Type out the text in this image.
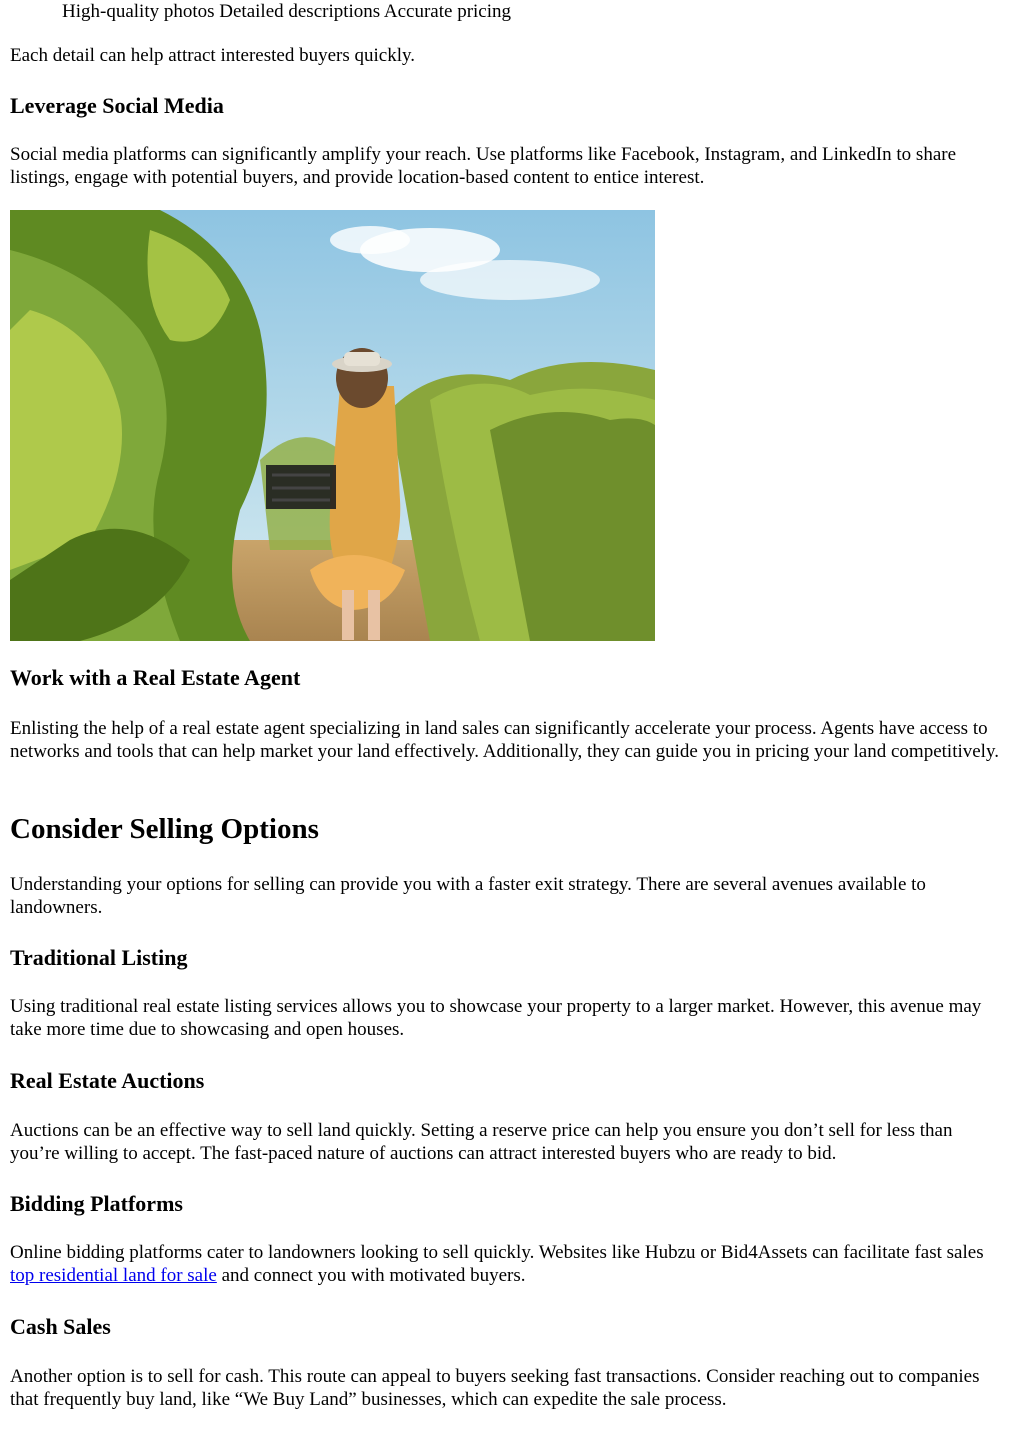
High-quality photos Detailed descriptions Accurate pricing

Each detail can help attract interested buyers quickly.

Leverage Social Media

Social media platforms can significantly amplify your reach. Use platforms like Facebook, Instagram, and LinkedIn to share listings, engage with potential buyers, and provide location-based content to entice interest.

Work with a Real Estate Agent

Enlisting the help of a real estate agent specializing in land sales can significantly accelerate your process. Agents have access to networks and tools that can help market your land effectively. Additionally, they can guide you in pricing your land competitively.

Consider Selling Options

Understanding your options for selling can provide you with a faster exit strategy. There are several avenues available to landowners.

Traditional Listing

Using traditional real estate listing services allows you to showcase your property to a larger market. However, this avenue may take more time due to showcasing and open houses.

Real Estate Auctions

Auctions can be an effective way to sell land quickly. Setting a reserve price can help you ensure you don’t sell for less than you’re willing to accept. The fast-paced nature of auctions can attract interested buyers who are ready to bid.

Bidding Platforms

Online bidding platforms cater to landowners looking to sell quickly. Websites like Hubzu or Bid4Assets can facilitate fast sales top residential land for sale and connect you with motivated buyers.

Cash Sales

Another option is to sell for cash. This route can appeal to buyers seeking fast transactions. Consider reaching out to companies that frequently buy land, like “We Buy Land” businesses, which can expedite the sale process.
